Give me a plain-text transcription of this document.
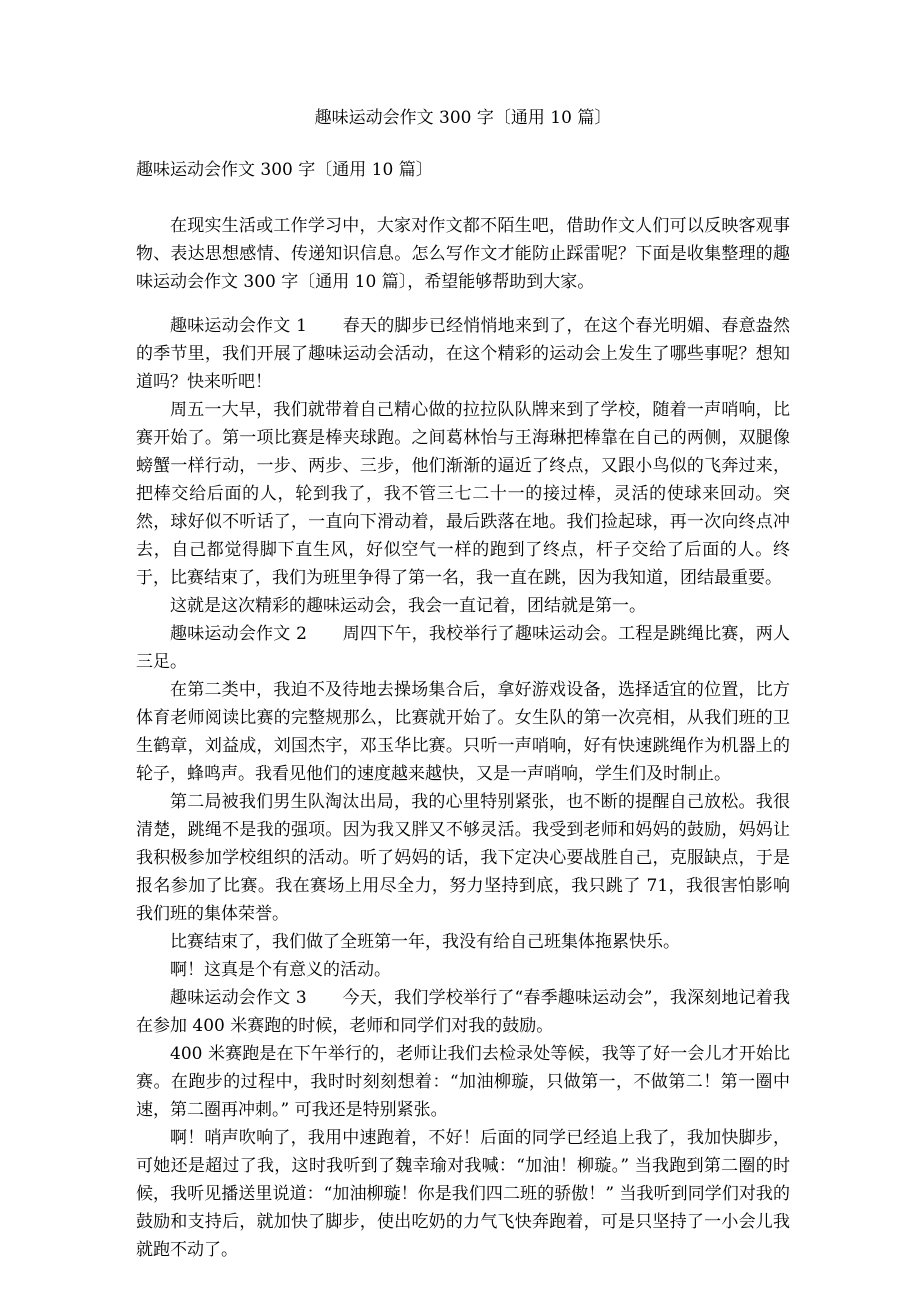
趣味运动会作文 300 字〔通用 10 篇〕

趣味运动会作文 300 字〔通用 10 篇〕

在现实生活或工作学习中，大家对作文都不陌生吧，借助作文人们可以反映客观事物、表达思想感情、传递知识信息。怎么写作文才能防止踩雷呢？下面是收集整理的趣味运动会作文 300 字〔通用 10 篇〕，希望能够帮助到大家。

趣味运动会作文 1 春天的脚步已经悄悄地来到了，在这个春光明媚、春意盎然的季节里，我们开展了趣味运动会活动，在这个精彩的运动会上发生了哪些事呢？想知道吗？快来听吧！

周五一大早，我们就带着自己精心做的拉拉队队牌来到了学校，随着一声哨响，比赛开始了。第一项比赛是棒夹球跑。之间葛林怡与王海琳把棒靠在自己的两侧，双腿像螃蟹一样行动，一步、两步、三步，他们渐渐的逼近了终点，又跟小鸟似的飞奔过来，把棒交给后面的人，轮到我了，我不管三七二十一的接过棒，灵活的使球来回动。突然，球好似不听话了，一直向下滑动着，最后跌落在地。我们捡起球，再一次向终点冲去，自己都觉得脚下直生风，好似空气一样的跑到了终点，杆子交给了后面的人。终于，比赛结束了，我们为班里争得了第一名，我一直在跳，因为我知道，团结最重要。

这就是这次精彩的趣味运动会，我会一直记着，团结就是第一。

趣味运动会作文 2 周四下午，我校举行了趣味运动会。工程是跳绳比赛，两人三足。

在第二类中，我迫不及待地去操场集合后，拿好游戏设备，选择适宜的位置，比方体育老师阅读比赛的完整规那么，比赛就开始了。女生队的第一次亮相，从我们班的卫生鹤章，刘益成，刘国杰宇，邓玉华比赛。只听一声哨响，好有快速跳绳作为机器上的轮子，蜂鸣声。我看见他们的速度越来越快，又是一声哨响，学生们及时制止。

第二局被我们男生队淘汰出局，我的心里特别紧张，也不断的提醒自己放松。我很清楚，跳绳不是我的强项。因为我又胖又不够灵活。我受到老师和妈妈的鼓励，妈妈让我积极参加学校组织的活动。听了妈妈的话，我下定决心要战胜自己，克服缺点，于是报名参加了比赛。我在赛场上用尽全力，努力坚持到底，我只跳了 71，我很害怕影响我们班的集体荣誉。

比赛结束了，我们做了全班第一年，我没有给自己班集体拖累快乐。

啊！这真是个有意义的活动。

趣味运动会作文 3 今天，我们学校举行了“春季趣味运动会”，我深刻地记着我在参加 400 米赛跑的时候，老师和同学们对我的鼓励。

400 米赛跑是在下午举行的，老师让我们去检录处等候，我等了好一会儿才开始比赛。在跑步的过程中，我时时刻刻想着：“加油柳璇，只做第一，不做第二！第一圈中速，第二圈再冲刺。” 可我还是特别紧张。

啊！哨声吹响了，我用中速跑着，不好！后面的同学已经追上我了，我加快脚步，可她还是超过了我，这时我听到了魏幸瑜对我喊：“加油！柳璇。” 当我跑到第二圈的时候，我听见播送里说道：“加油柳璇！你是我们四二班的骄傲！” 当我听到同学们对我的鼓励和支持后，就加快了脚步，使出吃奶的力气飞快奔跑着，可是只坚持了一小会儿我就跑不动了。
